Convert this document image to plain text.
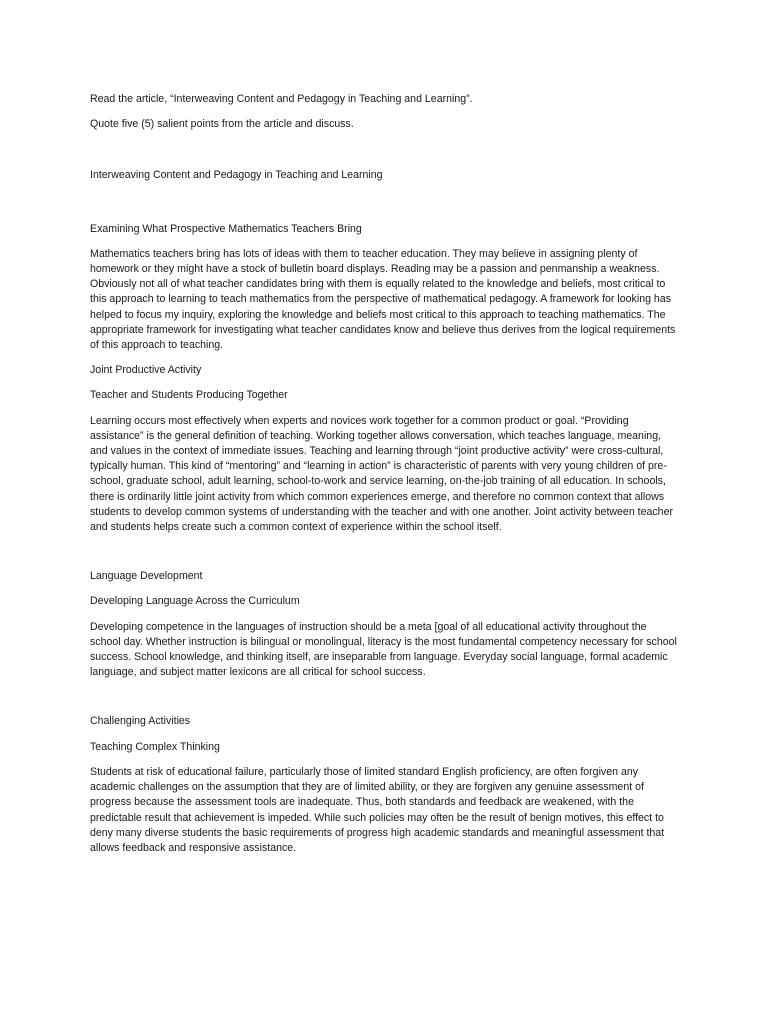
Read the article, “Interweaving Content and Pedagogy in Teaching and Learning”.

Quote five (5) salient points from the article and discuss.

Interweaving Content and Pedagogy in Teaching and Learning

Examining What Prospective Mathematics Teachers Bring

Mathematics teachers bring has lots of ideas with them to teacher education. They may believe in assigning plenty of homework or they might have a stock of bulletin board displays. Reading may be a passion and penmanship a weakness. Obviously not all of what teacher candidates bring with them is equally related to the knowledge and beliefs, most critical to this approach to learning to teach mathematics from the perspective of mathematical pedagogy. A framework for looking has helped to focus my inquiry, exploring the knowledge and beliefs most critical to this approach to teaching mathematics. The appropriate framework for investigating what teacher candidates know and believe thus derives from the logical requirements of this approach to teaching.

Joint Productive Activity

Teacher and Students Producing Together

Learning occurs most effectively when experts and novices work together for a common product or goal. “Providing assistance” is the general definition of teaching. Working together allows conversation, which teaches language, meaning, and values in the context of immediate issues. Teaching and learning through “joint productive activity” were cross-cultural, typically human. This kind of “mentoring” and “learning in action” is characteristic of parents with very young children of pre-school, graduate school, adult learning, school-to-work and service learning, on-the-job training of all education. In schools, there is ordinarily little joint activity from which common experiences emerge, and therefore no common context that allows students to develop common systems of understanding with the teacher and with one another. Joint activity between teacher and students helps create such a common context of experience within the school itself.

Language Development

Developing Language Across the Curriculum

Developing competence in the languages of instruction should be a meta [goal of all educational activity throughout the school day. Whether instruction is bilingual or monolingual, literacy is the most fundamental competency necessary for school success. School knowledge, and thinking itself, are inseparable from language. Everyday social language, formal academic language, and subject matter lexicons are all critical for school success.

Challenging Activities

Teaching Complex Thinking

Students at risk of educational failure, particularly those of limited standard English proficiency, are often forgiven any academic challenges on the assumption that they are of limited ability, or they are forgiven any genuine assessment of progress because the assessment tools are inadequate. Thus, both standards and feedback are weakened, with the predictable result that achievement is impeded. While such policies may often be the result of benign motives, this effect to deny many diverse students the basic requirements of progress high academic standards and meaningful assessment that allows feedback and responsive assistance.
